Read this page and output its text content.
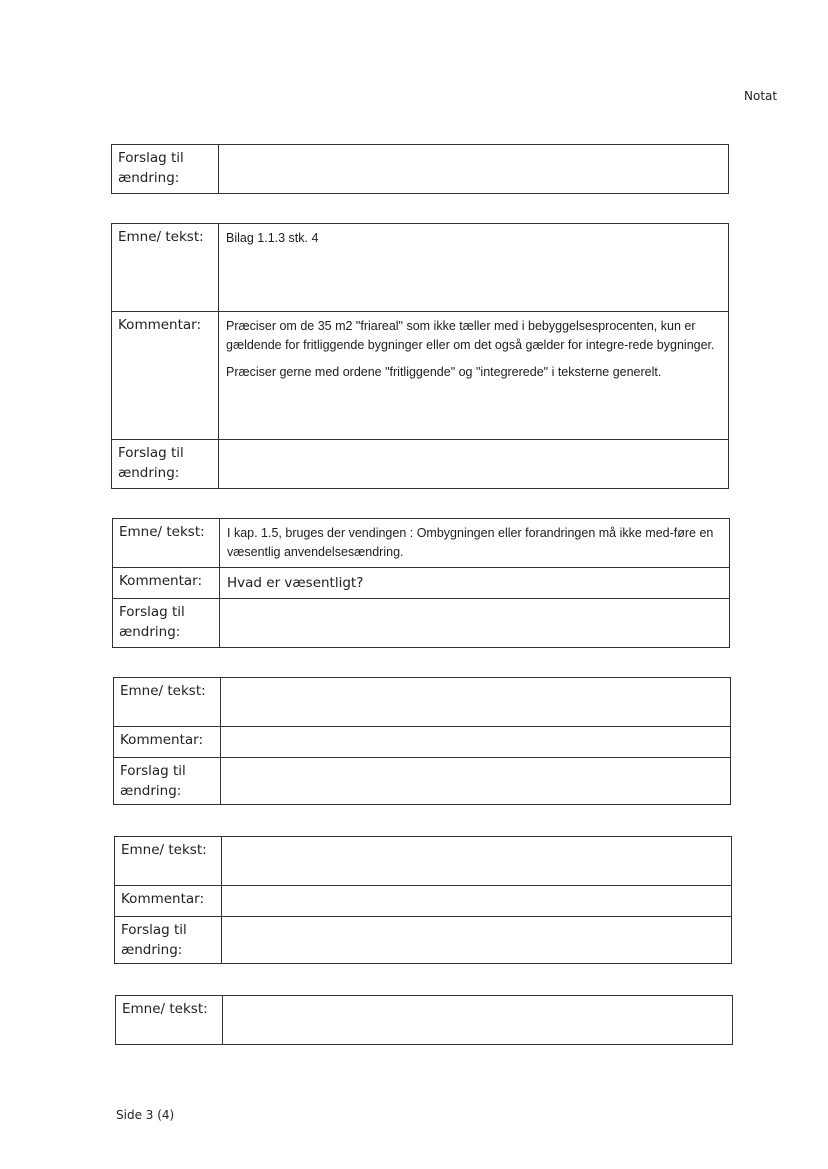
Notat
Forslag til ændring:
Emne/ tekst:	Bilag 1.1.3 stk. 4
Kommentar:	Præciser om de 35 m2 "friareal" som ikke tæller med i bebyggelsesprocenten, kun er gældende for fritliggende bygninger eller om det også gælder for integre-rede bygninger.

Præciser gerne med ordene "fritliggende" og "integrerede" i teksterne generelt.

Forslag til ændring:
Emne/ tekst:	I kap. 1.5, bruges der vendingen : Ombygningen eller forandringen må ikke med-føre en væsentlig anvendelsesændring.
Kommentar:	Hvad er væsentligt?
Forslag til ændring:
Emne/ tekst:
Kommentar:
Forslag til ændring:
Emne/ tekst:
Kommentar:
Forslag til ændring:
Emne/ tekst:
Side 3 (4)
